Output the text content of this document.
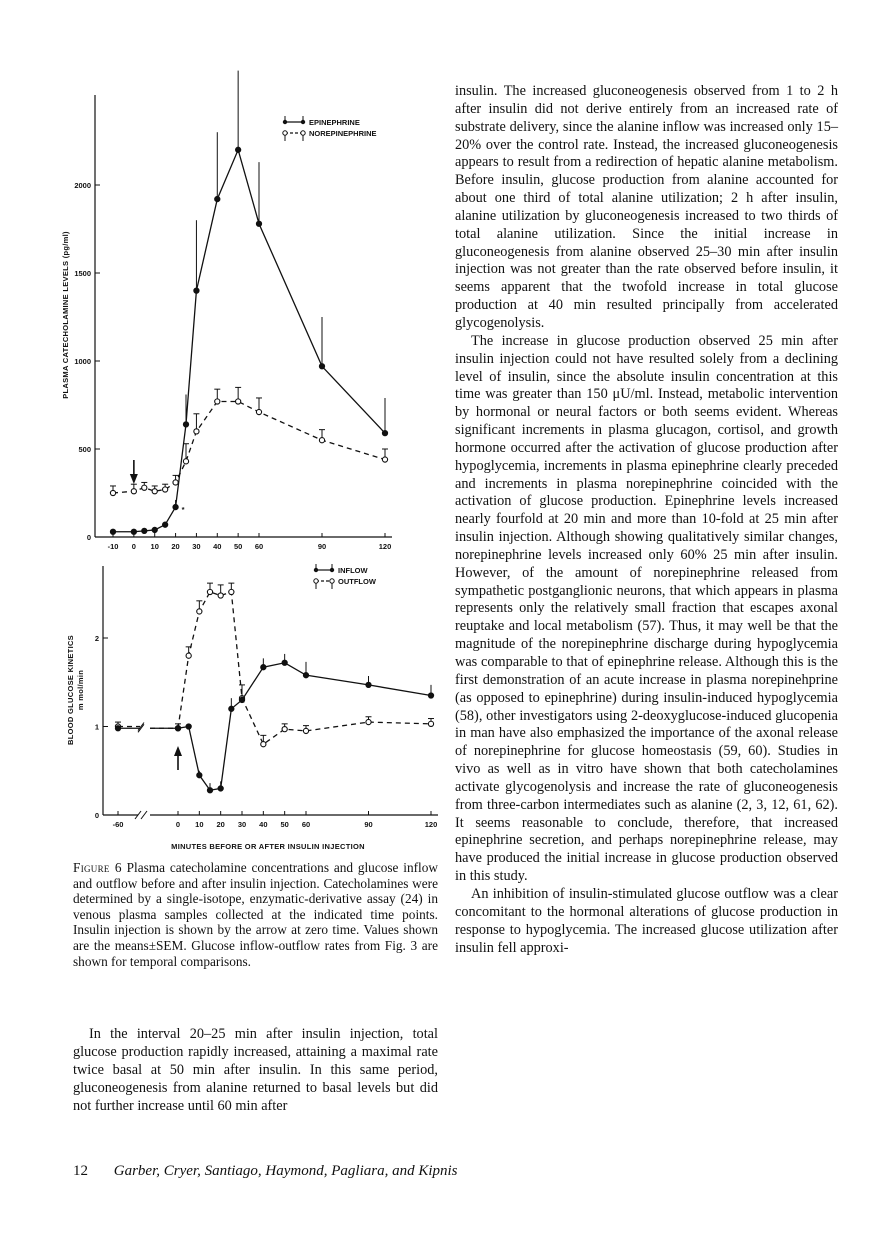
0
500
1000
1500
2000
-10 0 10 20 30 40 50 60	90	120
PLASMA CATECHOLAMINE LEVELS (pg/ml)
*
EPINEPHRINE
NOREPINEPHRINE
0
1
2
-60	0 10 20 30 40 50 60	90	120
BLOOD GLUCOSE KINETICS m mol/min
MINUTES BEFORE OR AFTER INSULIN INJECTION
INFLOW
OUTFLOW
Figure 6 Plasma catecholamine concentrations and glucose inflow and outflow before and after insulin injection. Catecholamines were determined by a single-isotope, enzymatic-derivative assay (24) in venous plasma samples collected at the indicated time points. Insulin injection is shown by the arrow at zero time. Values shown are the means±SEM. Glucose inflow-outflow rates from Fig. 3 are shown for temporal comparisons.

In the interval 20–25 min after insulin injection, total glucose production rapidly increased, attaining a maximal rate twice basal at 50 min after insulin. In this same period, gluconeogenesis from alanine returned to basal levels but did not further increase until 60 min after

insulin. The increased gluconeogenesis observed from 1 to 2 h after insulin did not derive entirely from an increased rate of substrate delivery, since the alanine inflow was increased only 15–20% over the control rate. Instead, the increased gluconeogenesis appears to result from a redirection of hepatic alanine metabolism. Before insulin, glucose production from alanine accounted for about one third of total alanine utilization; 2 h after insulin, alanine utilization by gluconeogenesis increased to two thirds of total alanine utilization. Since the initial increase in gluconeogenesis from alanine observed 25–30 min after insulin injection was not greater than the rate observed before insulin, it seems apparent that the twofold increase in total glucose production at 40 min resulted principally from accelerated glycogenolysis.

The increase in glucose production observed 25 min after insulin injection could not have resulted solely from a declining level of insulin, since the absolute insulin concentration at this time was greater than 150 μU/ml. Instead, metabolic intervention by hormonal or neural factors or both seems evident. Whereas significant increments in plasma glucagon, cortisol, and growth hormone occurred after the activation of glucose production after hypoglycemia, increments in plasma epinephrine clearly preceded and increments in plasma norepinephrine coincided with the activation of glucose production. Epinephrine levels increased nearly fourfold at 20 min and more than 10-fold at 25 min after insulin injection. Although showing qualitatively similar changes, norepinephrine levels increased only 60% 25 min after insulin. However, of the amount of norepinephrine released from sympathetic postganglionic neurons, that which appears in plasma represents only the relatively small fraction that escapes axonal reuptake and local metabolism (57). Thus, it may well be that the magnitude of the norepinephrine discharge during hypoglycemia was comparable to that of epinephrine release. Although this is the first demonstration of an acute increase in plasma norepinehprine (as opposed to epinephrine) during insulin-induced hypoglycemia (58), other investigators using 2-deoxyglucose-induced glucopenia in man have also emphasized the importance of the axonal release of norepinephrine for glucose homeostasis (59, 60). Studies in vivo as well as in vitro have shown that both catecholamines activate glycogenolysis and increase the rate of gluconeogenesis from three-carbon intermediates such as alanine (2, 3, 12, 61, 62). It seems reasonable to conclude, therefore, that increased epinephrine secretion, and perhaps norepinephrine release, may have produced the initial increase in glucose production observed in this study.

An inhibition of insulin-stimulated glucose outflow was a clear concomitant to the hormonal alterations of glucose production in response to hypoglycemia. The increased glucose utilization after insulin fell approxi-

12 Garber, Cryer, Santiago, Haymond, Pagliara, and Kipnis
